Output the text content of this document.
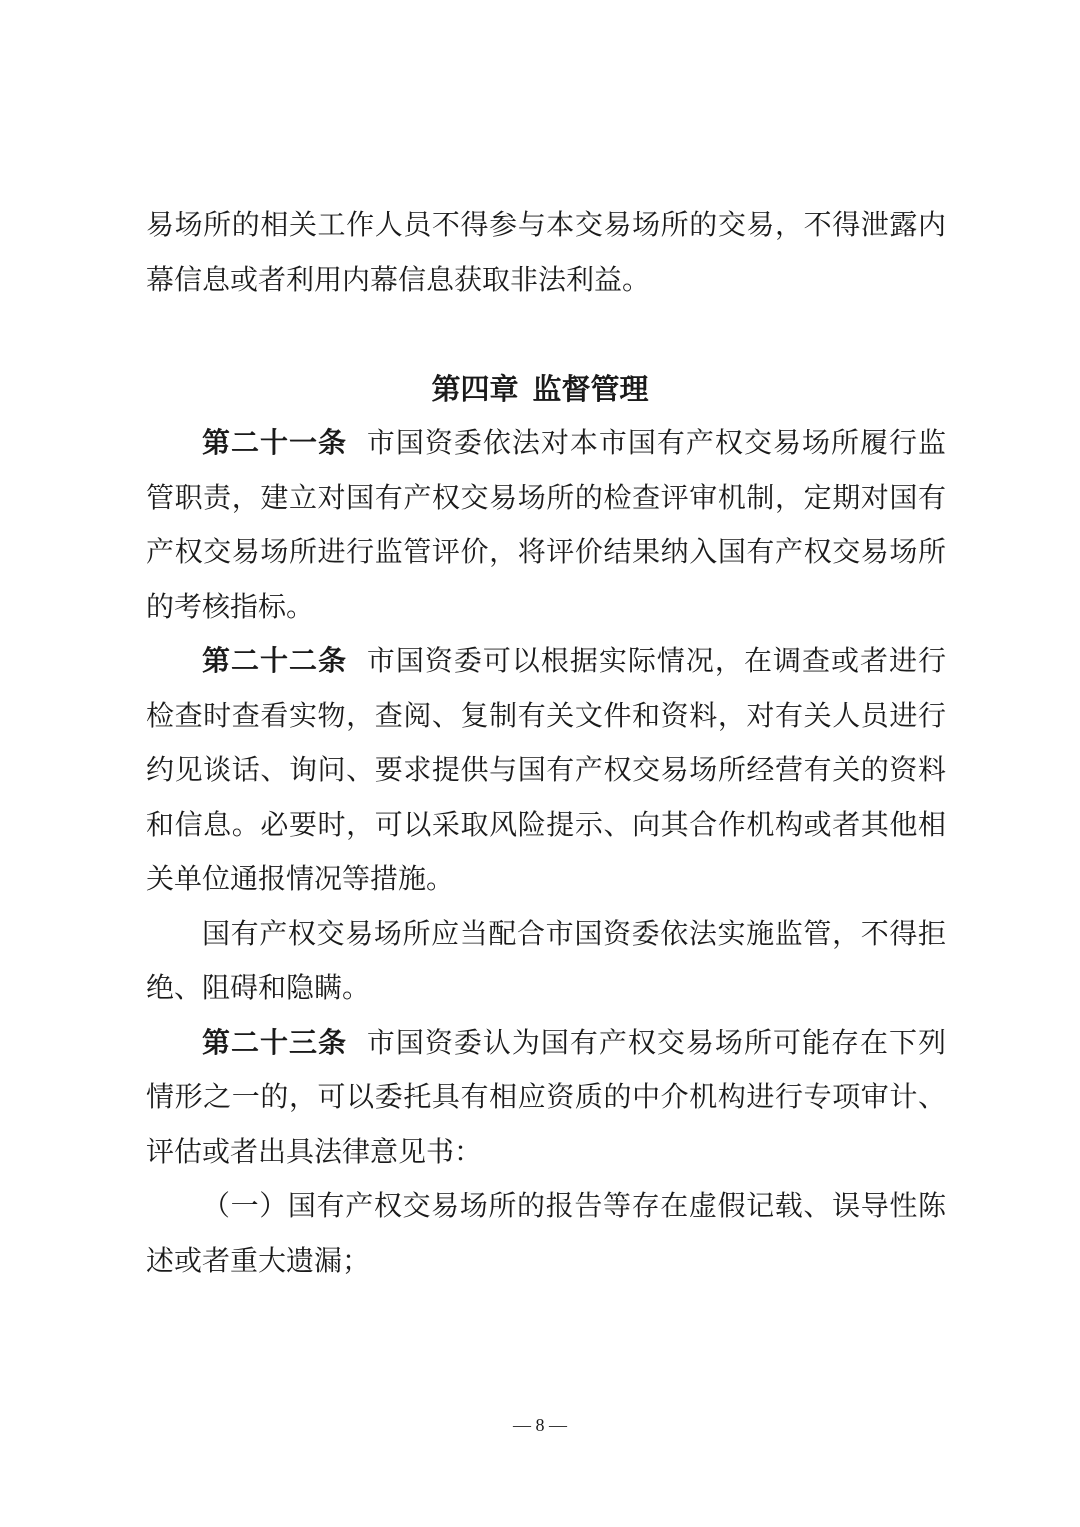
易场所的相关工作人员不得参与本交易场所的交易，不得泄露内幕信息或者利用内幕信息获取非法利益。

第四章 监督管理

第二十一条 市国资委依法对本市国有产权交易场所履行监管职责，建立对国有产权交易场所的检查评审机制，定期对国有产权交易场所进行监管评价，将评价结果纳入国有产权交易场所的考核指标。

第二十二条 市国资委可以根据实际情况，在调查或者进行检查时查看实物，查阅、复制有关文件和资料，对有关人员进行约见谈话、询问、要求提供与国有产权交易场所经营有关的资料和信息。必要时，可以采取风险提示、向其合作机构或者其他相关单位通报情况等措施。

国有产权交易场所应当配合市国资委依法实施监管，不得拒绝、阻碍和隐瞒。

第二十三条 市国资委认为国有产权交易场所可能存在下列情形之一的，可以委托具有相应资质的中介机构进行专项审计、评估或者出具法律意见书：

（一）国有产权交易场所的报告等存在虚假记载、误导性陈述或者重大遗漏；

— 8 —
